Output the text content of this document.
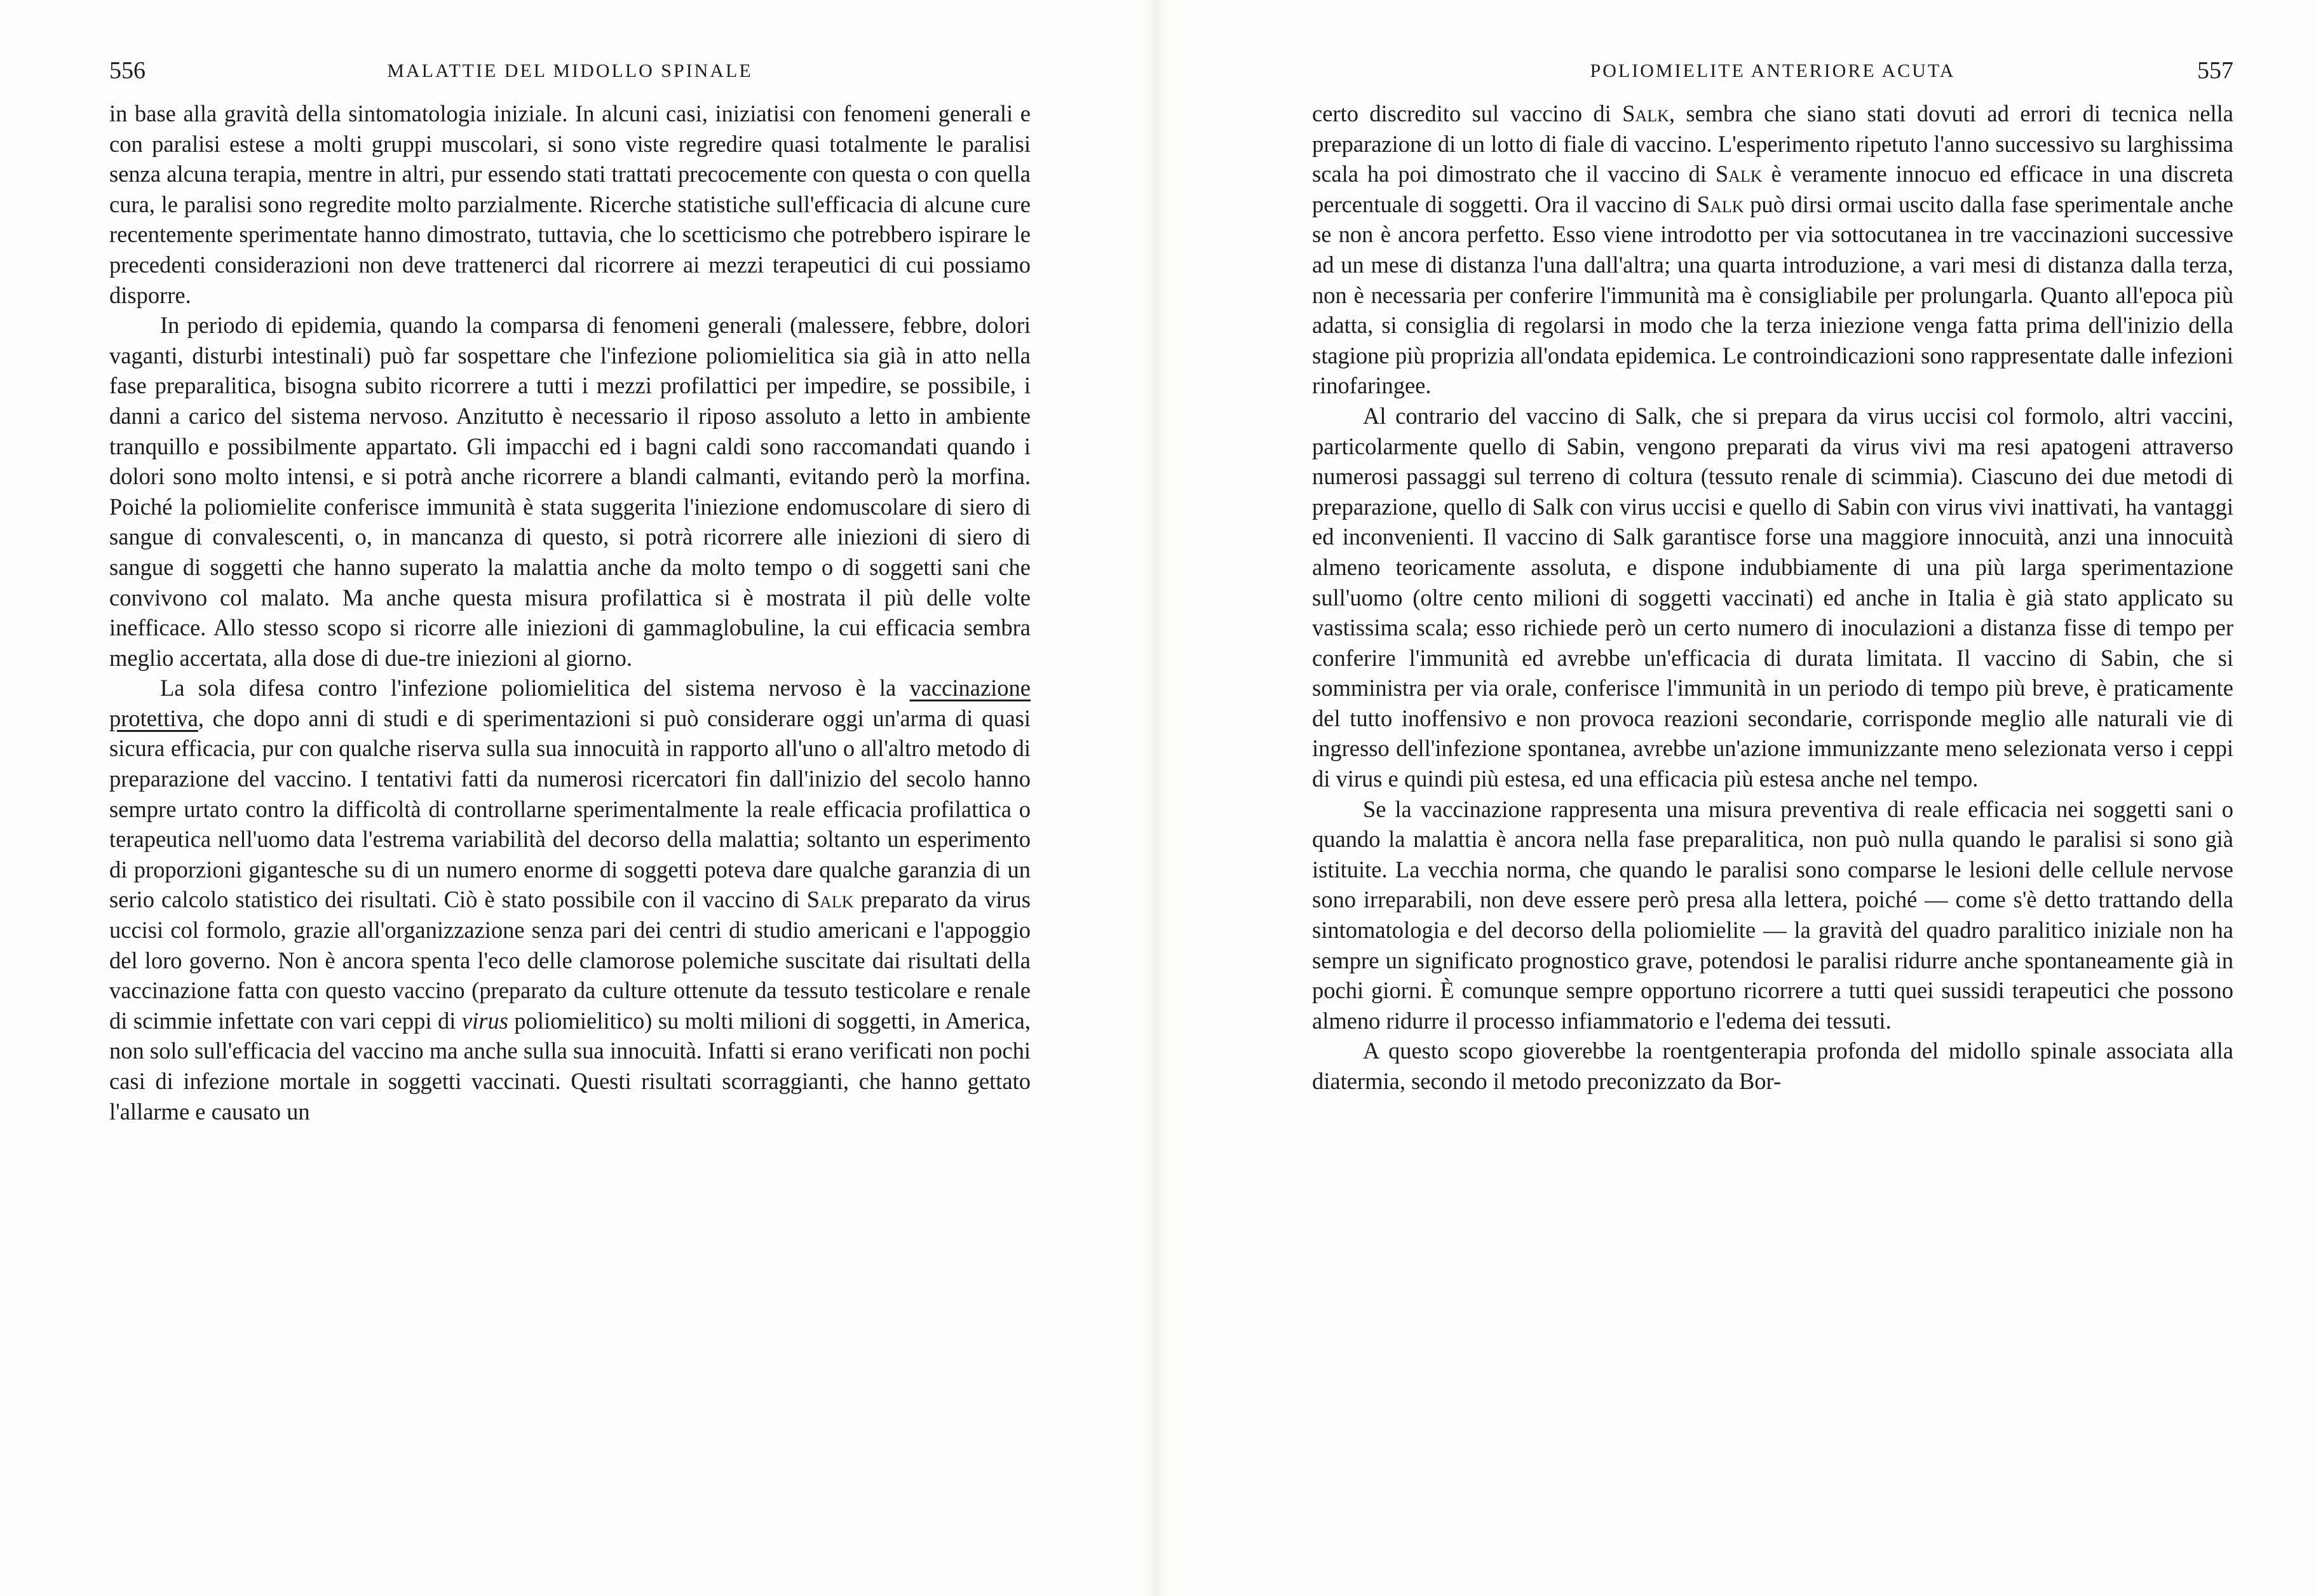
556	MALATTIE DEL MIDOLLO SPINALE

in base alla gravità della sintomatologia iniziale. In alcuni casi, iniziatisi con fenomeni generali e con paralisi estese a molti gruppi muscolari, si sono viste regredire quasi totalmente le paralisi senza alcuna terapia, mentre in altri, pur essendo stati trattati precocemente con questa o con quella cura, le paralisi sono regredite molto parzialmente. Ricerche statistiche sull'efficacia di alcune cure recentemente sperimentate hanno dimostrato, tuttavia, che lo scetticismo che potrebbero ispirare le precedenti considerazioni non deve trattenerci dal ricorrere ai mezzi terapeutici di cui possiamo disporre.

In periodo di epidemia, quando la comparsa di fenomeni generali (malessere, febbre, dolori vaganti, disturbi intestinali) può far sospettare che l'infezione poliomielitica sia già in atto nella fase preparalitica, bisogna subito ricorrere a tutti i mezzi profilattici per impedire, se possibile, i danni a carico del sistema nervoso. Anzitutto è necessario il riposo assoluto a letto in ambiente tranquillo e possibilmente appartato. Gli impacchi ed i bagni caldi sono raccomandati quando i dolori sono molto intensi, e si potrà anche ricorrere a blandi calmanti, evitando però la morfina. Poiché la poliomielite conferisce immunità è stata suggerita l'iniezione endomuscolare di siero di sangue di convalescenti, o, in mancanza di questo, si potrà ricorrere alle iniezioni di siero di sangue di soggetti che hanno superato la malattia anche da molto tempo o di soggetti sani che convivono col malato. Ma anche questa misura profilattica si è mostrata il più delle volte inefficace. Allo stesso scopo si ricorre alle iniezioni di gammaglobuline, la cui efficacia sembra meglio accertata, alla dose di due-tre iniezioni al giorno.

La sola difesa contro l'infezione poliomielitica del sistema nervoso è la vaccinazione protettiva, che dopo anni di studi e di sperimentazioni si può considerare oggi un'arma di quasi sicura efficacia, pur con qualche riserva sulla sua innocuità in rapporto all'uno o all'altro metodo di preparazione del vaccino. I tentativi fatti da numerosi ricercatori fin dall'inizio del secolo hanno sempre urtato contro la difficoltà di controllarne sperimentalmente la reale efficacia profilattica o terapeutica nell'uomo data l'estrema variabilità del decorso della malattia; soltanto un esperimento di proporzioni gigantesche su di un numero enorme di soggetti poteva dare qualche garanzia di un serio calcolo statistico dei risultati. Ciò è stato possibile con il vaccino di Salk preparato da virus uccisi col formolo, grazie all'organizzazione senza pari dei centri di studio americani e l'appoggio del loro governo. Non è ancora spenta l'eco delle clamorose polemiche suscitate dai risultati della vaccinazione fatta con questo vaccino (preparato da culture ottenute da tessuto testicolare e renale di scimmie infettate con vari ceppi di virus poliomielitico) su molti milioni di soggetti, in America, non solo sull'efficacia del vaccino ma anche sulla sua innocuità. Infatti si erano verificati non pochi casi di infezione mortale in soggetti vaccinati. Questi risultati scorraggianti, che hanno gettato l'allarme e causato un

POLIOMIELITE ANTERIORE ACUTA	557

certo discredito sul vaccino di Salk, sembra che siano stati dovuti ad errori di tecnica nella preparazione di un lotto di fiale di vaccino. L'esperimento ripetuto l'anno successivo su larghissima scala ha poi dimostrato che il vaccino di Salk è veramente innocuo ed efficace in una discreta percentuale di soggetti. Ora il vaccino di Salk può dirsi ormai uscito dalla fase sperimentale anche se non è ancora perfetto. Esso viene introdotto per via sottocutanea in tre vaccinazioni successive ad un mese di distanza l'una dall'altra; una quarta introduzione, a vari mesi di distanza dalla terza, non è necessaria per conferire l'immunità ma è consigliabile per prolungarla. Quanto all'epoca più adatta, si consiglia di regolarsi in modo che la terza iniezione venga fatta prima dell'inizio della stagione più proprizia all'ondata epidemica. Le controindicazioni sono rappresentate dalle infezioni rinofaringee.

Al contrario del vaccino di Salk, che si prepara da virus uccisi col formolo, altri vaccini, particolarmente quello di Sabin, vengono preparati da virus vivi ma resi apatogeni attraverso numerosi passaggi sul terreno di coltura (tessuto renale di scimmia). Ciascuno dei due metodi di preparazione, quello di Salk con virus uccisi e quello di Sabin con virus vivi inattivati, ha vantaggi ed inconvenienti. Il vaccino di Salk garantisce forse una maggiore innocuità, anzi una innocuità almeno teoricamente assoluta, e dispone indubbiamente di una più larga sperimentazione sull'uomo (oltre cento milioni di soggetti vaccinati) ed anche in Italia è già stato applicato su vastissima scala; esso richiede però un certo numero di inoculazioni a distanza fisse di tempo per conferire l'immunità ed avrebbe un'efficacia di durata limitata. Il vaccino di Sabin, che si somministra per via orale, conferisce l'immunità in un periodo di tempo più breve, è praticamente del tutto inoffensivo e non provoca reazioni secondarie, corrisponde meglio alle naturali vie di ingresso dell'infezione spontanea, avrebbe un'azione immunizzante meno selezionata verso i ceppi di virus e quindi più estesa, ed una efficacia più estesa anche nel tempo.

Se la vaccinazione rappresenta una misura preventiva di reale efficacia nei soggetti sani o quando la malattia è ancora nella fase preparalitica, non può nulla quando le paralisi si sono già istituite. La vecchia norma, che quando le paralisi sono comparse le lesioni delle cellule nervose sono irreparabili, non deve essere però presa alla lettera, poiché — come s'è detto trattando della sintomatologia e del decorso della poliomielite — la gravità del quadro paralitico iniziale non ha sempre un significato prognostico grave, potendosi le paralisi ridurre anche spontaneamente già in pochi giorni. È comunque sempre opportuno ricorrere a tutti quei sussidi terapeutici che possono almeno ridurre il processo infiammatorio e l'edema dei tessuti.

A questo scopo gioverebbe la roentgenterapia profonda del midollo spinale associata alla diatermia, secondo il metodo preconizzato da Bor-
